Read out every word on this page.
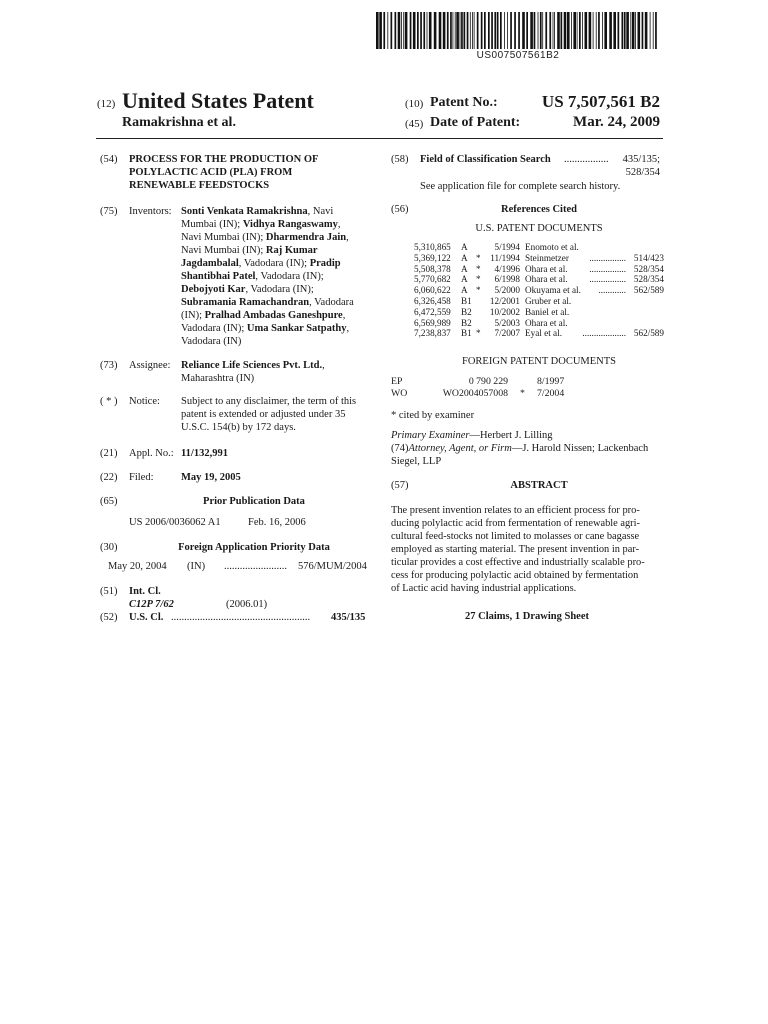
US007507561B2
(12) United States Patent
Ramakrishna et al.
(10) Patent No.:	US 7,507,561 B2
(45) Date of Patent:	Mar. 24, 2009
(54) PROCESS FOR THE PRODUCTION OF
POLYLACTIC ACID (PLA) FROM
RENEWABLE FEEDSTOCKS
(75) Inventors: Sonti Venkata Ramakrishna, Navi
Mumbai (IN); Vidhya Rangaswamy,
Navi Mumbai (IN); Dharmendra Jain,
Navi Mumbai (IN); Raj Kumar
Jagdambalal, Vadodara (IN); Pradip
Shantibhai Patel, Vadodara (IN);
Debojyoti Kar, Vadodara (IN);
Subramania Ramachandran, Vadodara
(IN); Pralhad Ambadas Ganeshpure,
Vadodara (IN); Uma Sankar Satpathy,
Vadodara (IN)
(73) Assignee: Reliance Life Sciences Pvt. Ltd.,
Maharashtra (IN)
( * ) Notice: Subject to any disclaimer, the term of this
patent is extended or adjusted under 35
U.S.C. 154(b) by 172 days.
(21) Appl. No.: 11/132,991
(22) Filed:	May 19, 2005
(65)	Prior Publication Data
US 2006/0036062 A1	Feb. 16, 2006
(30)	Foreign Application Priority Data
May 20, 2004 (IN) ........................ 576/MUM/2004
(51) Int. Cl.
C12P 7/62	(2006.01)
(52) U.S. Cl. .....................................................	435/135
(58) Field of Classification Search ................. 435/135;
528/354
See application file for complete search history.
(56)	References Cited
U.S. PATENT DOCUMENTS
5,310,865 A	5/1994 Enomoto et al.
5,369,122 A * 11/1994 Steinmetzer	................ 514/423
5,508,378 A * 4/1996 Ohara et al.	................ 528/354
5,770,682 A * 6/1998 Ohara et al.	................ 528/354
6,060,622 A * 5/2000 Okuyama et al.	............ 562/589
6,326,458 B1 12/2001 Gruber et al.
6,472,559 B2 10/2002 Baniel et al.
6,569,989 B2 5/2003 Ohara et al.
7,238,837 B1 * 7/2007 Eyal et al.	................... 562/589
FOREIGN PATENT DOCUMENTS
EP	0 790 229	8/1997
WO	WO2004057008 * 7/2004
* cited by examiner
Primary Examiner—Herbert J. Lilling
(74)Attorney, Agent, or Firm—J. Harold Nissen; Lackenbach
Siegel, LLP
(57)	ABSTRACT
The present invention relates to an efficient process for pro-
ducing polylactic acid from fermentation of renewable agri-
cultural feed-stocks not limited to molasses or cane bagasse
employed as starting material. The present invention in par-
ticular provides a cost effective and industrially scalable pro-
cess for producing polylactic acid obtained by fermentation
of Lactic acid having industrial applications.
27 Claims, 1 Drawing Sheet
